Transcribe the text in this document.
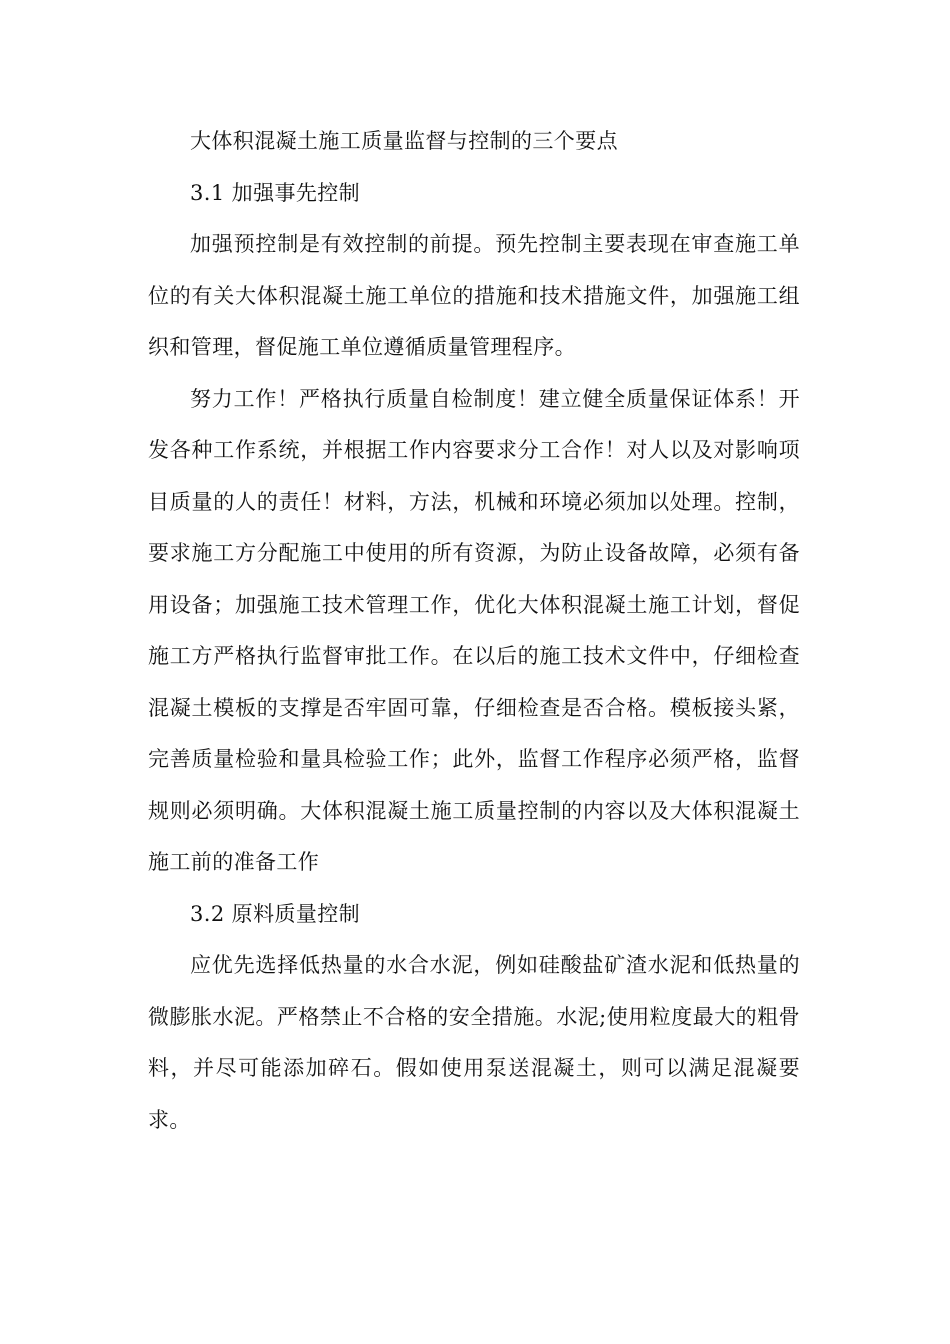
大体积混凝土施工质量监督与控制的三个要点

3.1 加强事先控制

加强预控制是有效控制的前提。预先控制主要表现在审查施工单位的有关大体积混凝土施工单位的措施和技术措施文件，加强施工组织和管理，督促施工单位遵循质量管理程序。

努力工作！严格执行质量自检制度！建立健全质量保证体系！开发各种工作系统，并根据工作内容要求分工合作！对人以及对影响项目质量的人的责任！材料，方法，机械和环境必须加以处理。控制，要求施工方分配施工中使用的所有资源，为防止设备故障，必须有备用设备；加强施工技术管理工作，优化大体积混凝土施工计划，督促施工方严格执行监督审批工作。在以后的施工技术文件中，仔细检查混凝土模板的支撑是否牢固可靠，仔细检查是否合格。模板接头紧，完善质量检验和量具检验工作；此外，监督工作程序必须严格，监督规则必须明确。大体积混凝土施工质量控制的内容以及大体积混凝土施工前的准备工作

3.2 原料质量控制

应优先选择低热量的水合水泥，例如硅酸盐矿渣水泥和低热量的微膨胀水泥。严格禁止不合格的安全措施。水泥;使用粒度最大的粗骨料，并尽可能添加碎石。假如使用泵送混凝土，则可以满足混凝要求。
